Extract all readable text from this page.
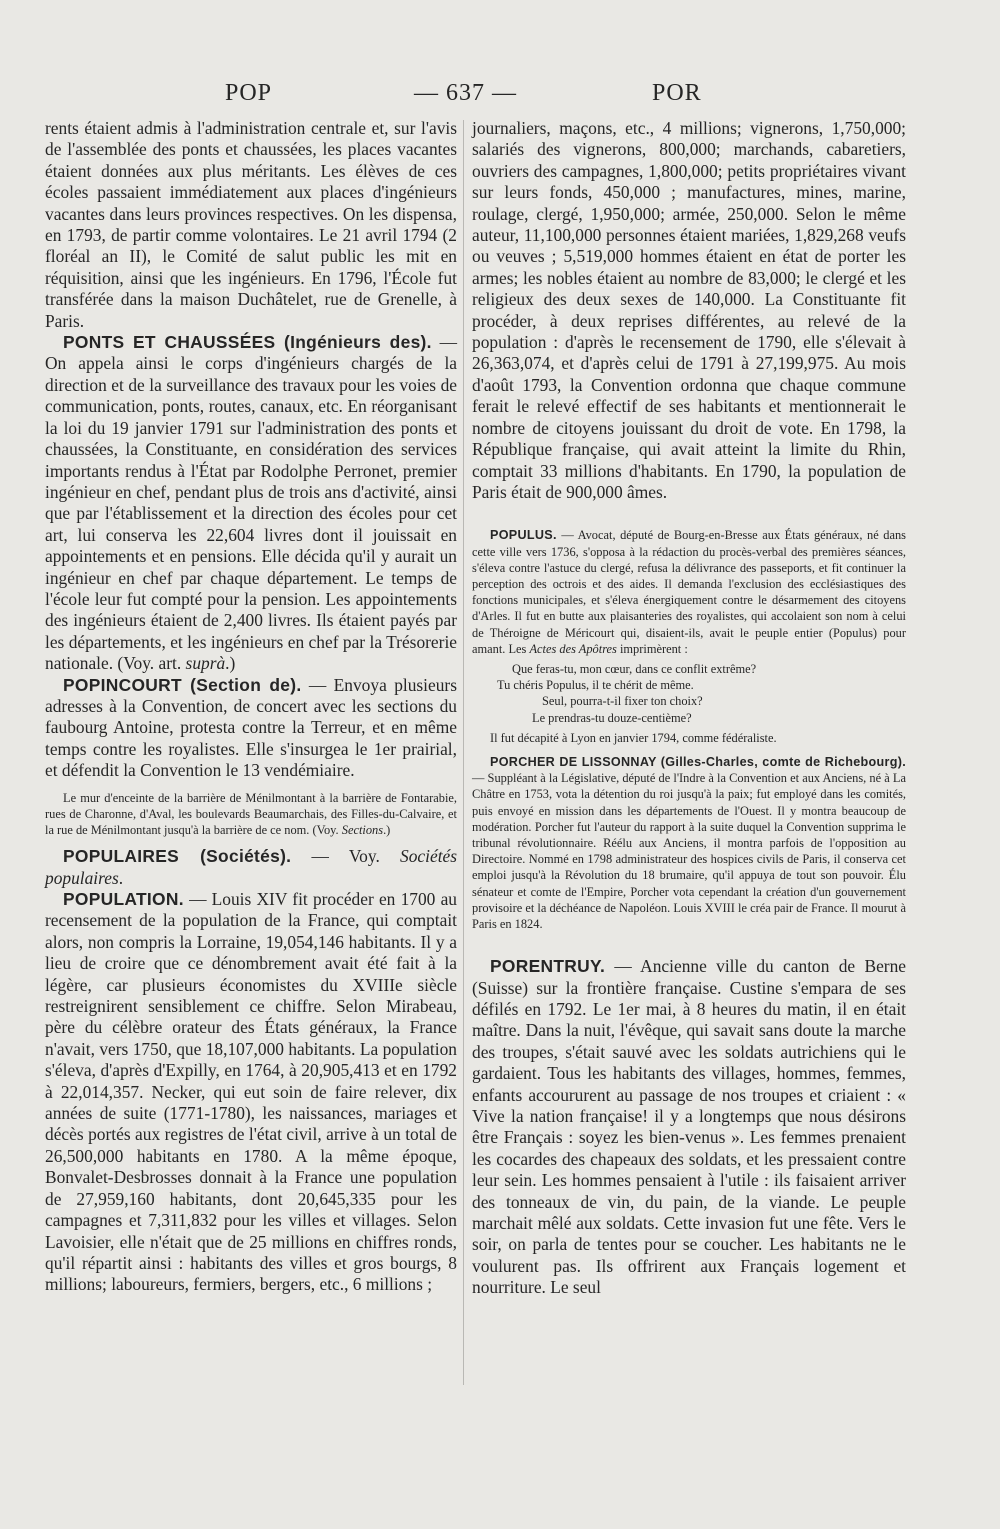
POP	— 637 —	POR

rents étaient admis à l'administration centrale et, sur l'avis de l'assemblée des ponts et chaussées, les places vacantes étaient données aux plus méritants. Les élèves de ces écoles passaient immédiatement aux places d'ingénieurs vacantes dans leurs provinces respectives. On les dispensa, en 1793, de partir comme volontaires. Le 21 avril 1794 (2 floréal an II), le Comité de salut public les mit en réquisition, ainsi que les ingénieurs. En 1796, l'École fut transférée dans la maison Duchâtelet, rue de Grenelle, à Paris.

PONTS ET CHAUSSÉES (Ingénieurs des). — On appela ainsi le corps d'ingénieurs chargés de la direction et de la surveillance des travaux pour les voies de communication, ponts, routes, canaux, etc. En réorganisant la loi du 19 janvier 1791 sur l'administration des ponts et chaussées, la Constituante, en considération des services importants rendus à l'État par Rodolphe Perronet, premier ingénieur en chef, pendant plus de trois ans d'activité, ainsi que par l'établissement et la direction des écoles pour cet art, lui conserva les 22,604 livres dont il jouissait en appointements et en pensions. Elle décida qu'il y aurait un ingénieur en chef par chaque département. Le temps de l'école leur fut compté pour la pension. Les appointements des ingénieurs étaient de 2,400 livres. Ils étaient payés par les départements, et les ingénieurs en chef par la Trésorerie nationale. (Voy. art. suprà.)

POPINCOURT (Section de). — Envoya plusieurs adresses à la Convention, de concert avec les sections du faubourg Antoine, protesta contre la Terreur, et en même temps contre les royalistes. Elle s'insurgea le 1er prairial, et défendit la Convention le 13 vendémiaire.

Le mur d'enceinte de la barrière de Ménilmontant à la barrière de Fontarabie, rues de Charonne, d'Aval, les boulevards Beaumarchais, des Filles-du-Calvaire, et la rue de Ménilmontant jusqu'à la barrière de ce nom. (Voy. Sections.)

POPULAIRES (Sociétés). — Voy. Sociétés populaires.

POPULATION. — Louis XIV fit procéder en 1700 au recensement de la population de la France, qui comptait alors, non compris la Lorraine, 19,054,146 habitants. Il y a lieu de croire que ce dénombrement avait été fait à la légère, car plusieurs économistes du XVIIIe siècle restreignirent sensiblement ce chiffre. Selon Mirabeau, père du célèbre orateur des États généraux, la France n'avait, vers 1750, que 18,107,000 habitants. La population s'éleva, d'après d'Expilly, en 1764, à 20,905,413 et en 1792 à 22,014,357. Necker, qui eut soin de faire relever, dix années de suite (1771-1780), les naissances, mariages et décès portés aux registres de l'état civil, arrive à un total de 26,500,000 habitants en 1780. A la même époque, Bonvalet-Desbrosses donnait à la France une population de 27,959,160 habitants, dont 20,645,335 pour les campagnes et 7,311,832 pour les villes et villages. Selon Lavoisier, elle n'était que de 25 millions en chiffres ronds, qu'il répartit ainsi : habitants des villes et gros bourgs, 8 millions; laboureurs, fermiers, bergers, etc., 6 millions ;

journaliers, maçons, etc., 4 millions; vignerons, 1,750,000; salariés des vignerons, 800,000; marchands, cabaretiers, ouvriers des campagnes, 1,800,000; petits propriétaires vivant sur leurs fonds, 450,000 ; manufactures, mines, marine, roulage, clergé, 1,950,000; armée, 250,000. Selon le même auteur, 11,100,000 personnes étaient mariées, 1,829,268 veufs ou veuves ; 5,519,000 hommes étaient en état de porter les armes; les nobles étaient au nombre de 83,000; le clergé et les religieux des deux sexes de 140,000. La Constituante fit procéder, à deux reprises différentes, au relevé de la population : d'après le recensement de 1790, elle s'élevait à 26,363,074, et d'après celui de 1791 à 27,199,975. Au mois d'août 1793, la Convention ordonna que chaque commune ferait le relevé effectif de ses habitants et mentionnerait le nombre de citoyens jouissant du droit de vote. En 1798, la République française, qui avait atteint la limite du Rhin, comptait 33 millions d'habitants. En 1790, la population de Paris était de 900,000 âmes.

POPULUS. — Avocat, député de Bourg-en-Bresse aux États généraux, né dans cette ville vers 1736, s'opposa à la rédaction du procès-verbal des premières séances, s'éleva contre l'astuce du clergé, refusa la délivrance des passeports, et fit continuer la perception des octrois et des aides. Il demanda l'exclusion des ecclésiastiques des fonctions municipales, et s'éleva énergiquement contre le désarmement des citoyens d'Arles. Il fut en butte aux plaisanteries des royalistes, qui accolaient son nom à celui de Théroigne de Méricourt qui, disaient-ils, avait le peuple entier (Populus) pour amant. Les Actes des Apôtres imprimèrent :

Que feras-tu, mon cœur, dans ce conflit extrême?
Tu chéris Populus, il te chérit de même.
Seul, pourra-t-il fixer ton choix?
Le prendras-tu douze-centième?

Il fut décapité à Lyon en janvier 1794, comme fédéraliste.

PORCHER DE LISSONNAY (Gilles-Charles, comte de Richebourg). — Suppléant à la Législative, député de l'Indre à la Convention et aux Anciens, né à La Châtre en 1753, vota la détention du roi jusqu'à la paix; fut employé dans les comités, puis envoyé en mission dans les départements de l'Ouest. Il y montra beaucoup de modération. Porcher fut l'auteur du rapport à la suite duquel la Convention supprima le tribunal révolutionnaire. Réélu aux Anciens, il montra parfois de l'opposition au Directoire. Nommé en 1798 administrateur des hospices civils de Paris, il conserva cet emploi jusqu'à la Révolution du 18 brumaire, qu'il appuya de tout son pouvoir. Élu sénateur et comte de l'Empire, Porcher vota cependant la création d'un gouvernement provisoire et la déchéance de Napoléon. Louis XVIII le créa pair de France. Il mourut à Paris en 1824.

PORENTRUY. — Ancienne ville du canton de Berne (Suisse) sur la frontière française. Custine s'empara de ses défilés en 1792. Le 1er mai, à 8 heures du matin, il en était maître. Dans la nuit, l'évêque, qui savait sans doute la marche des troupes, s'était sauvé avec les soldats autrichiens qui le gardaient. Tous les habitants des villages, hommes, femmes, enfants accoururent au passage de nos troupes et criaient : « Vive la nation française! il y a longtemps que nous désirons être Français : soyez les bien-venus ». Les femmes prenaient les cocardes des chapeaux des soldats, et les pressaient contre leur sein. Les hommes pensaient à l'utile : ils faisaient arriver des tonneaux de vin, du pain, de la viande. Le peuple marchait mêlé aux soldats. Cette invasion fut une fête. Vers le soir, on parla de tentes pour se coucher. Les habitants ne le voulurent pas. Ils offrirent aux Français logement et nourriture. Le seul
